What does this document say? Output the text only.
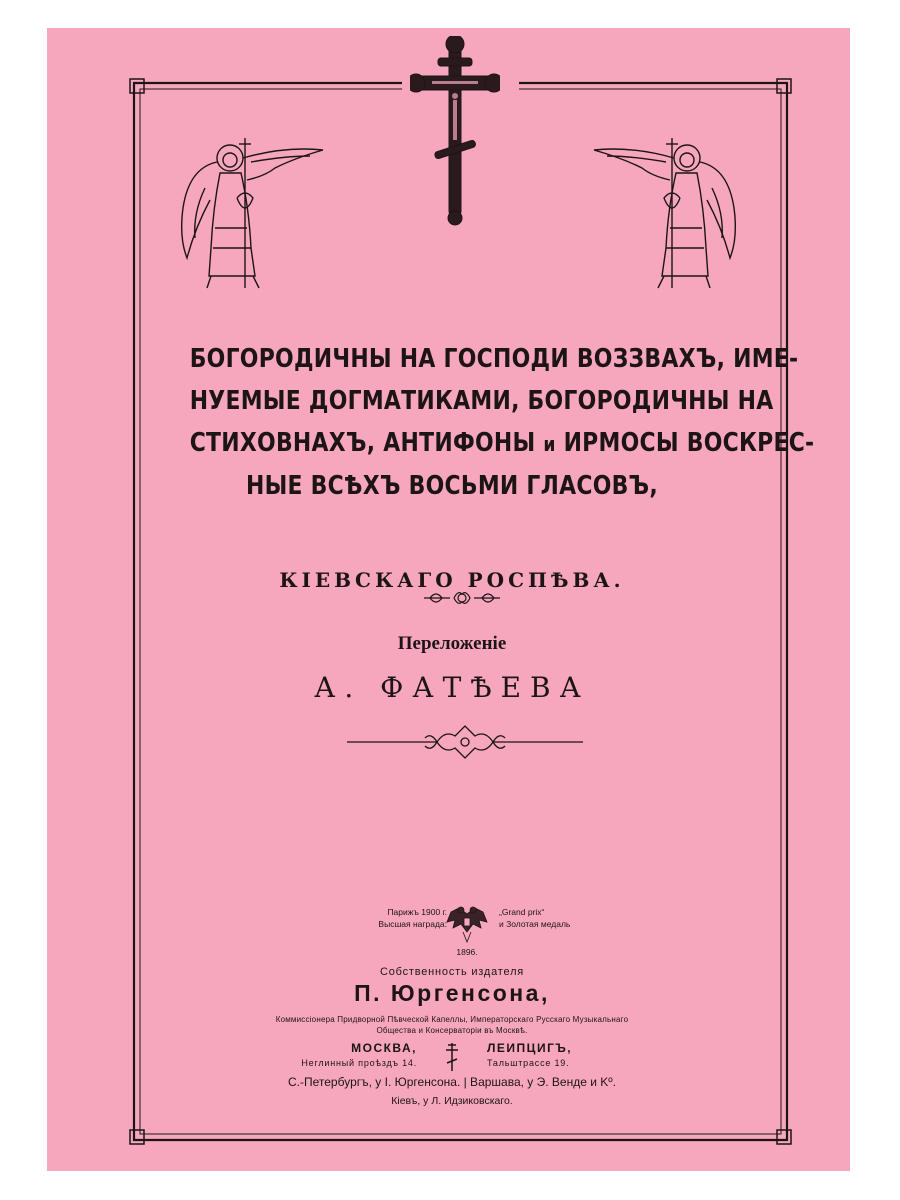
БОГОРОДИЧНЫ НА ГОСПОДИ ВОЗЗВАХЪ, ИМЕ-
НУЕМЫЕ ДОГМАТИКАМИ, БОГОРОДИЧНЫ НА
СТИХОВНАХЪ, АНТИФОНЫ и ИРМОСЫ ВОСКРЕС-
НЫЕ ВСѢХЪ ВОСЬМИ ГЛАСОВЪ,
КІЕВСКАГО РОСПѢВА.
Переложеніе
А. ФАТѢЕВА
Парижъ 1900 г.
Высшая награда:
„Grand prix“
и Золотая медаль
1896.
Собственность издателя
П. Юргенсона,
Коммиссіонера Придворной Пѣвческой Капеллы, Императорскаго Русскаго Музыкальнаго
Общества и Консерваторіи въ Москвѣ.
МОСКВА,
Неглинный проѣздъ 14.
ЛЕИПЦИГЪ,
Тальштрассе 19.
С.-Петербургъ, у І. Юргенсона. | Варшава, у Э. Венде и Kº.
Кіевъ, у Л. Идзиковскаго.
